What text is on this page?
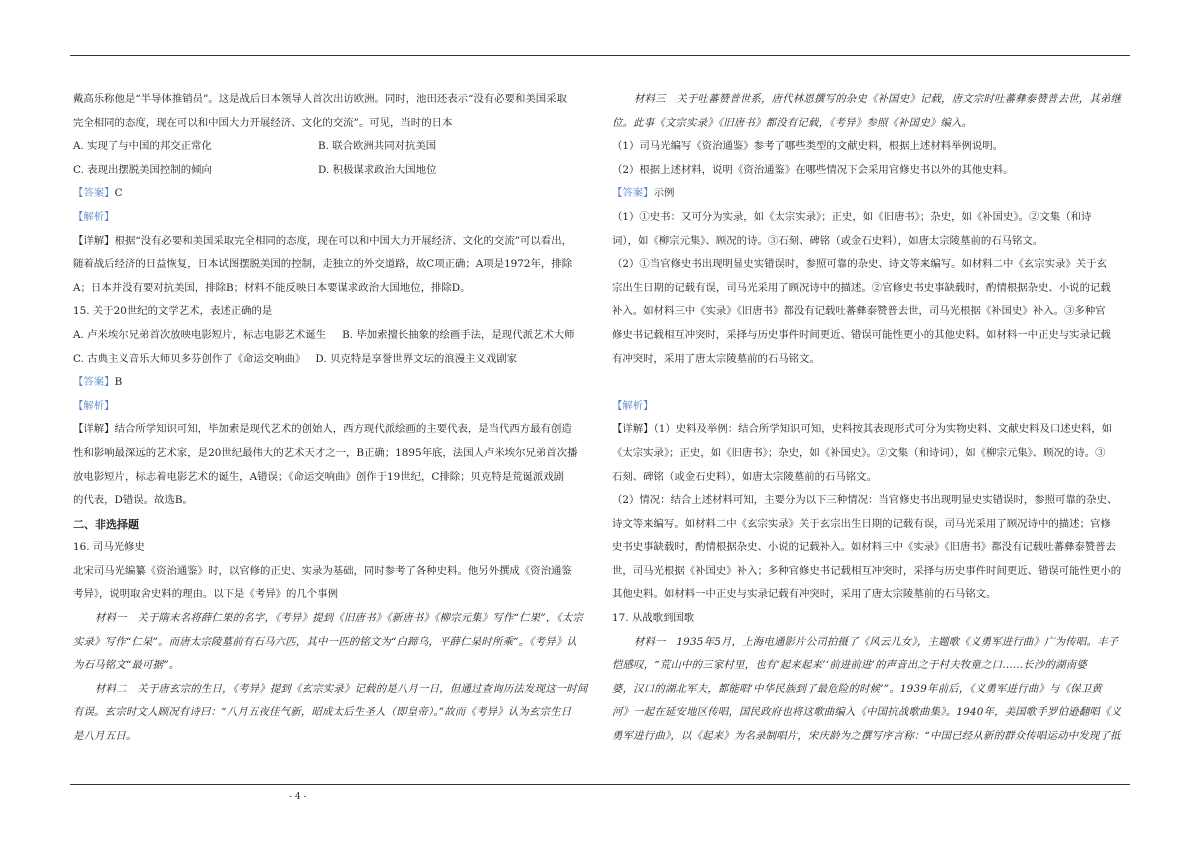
戴高乐称他是“半导体推销员”。这是战后日本领导人首次出访欧洲。同时，池田还表示“没有必要和美国采取

完全相同的态度，现在可以和中国大力开展经济、文化的交流”。可见，当时的日本

A. 实现了与中国的邦交正常化	B. 联合欧洲共同对抗美国

C. 表现出摆脱美国控制的倾向	D. 积极谋求政治大国地位

【答案】C

【解析】

【详解】根据“没有必要和美国采取完全相同的态度，现在可以和中国大力开展经济、文化的交流”可以看出，

随着战后经济的日益恢复，日本试图摆脱美国的控制，走独立的外交道路，故C项正确；A项是1972年，排除

A；日本并没有要对抗美国，排除B；材料不能反映日本要谋求政治大国地位，排除D。

15. 关于20世纪的文学艺术，表述正确的是

A. 卢米埃尔兄弟首次放映电影短片，标志电影艺术诞生 B. 毕加索擅长抽象的绘画手法，是现代派艺术大师

C. 古典主义音乐大师贝多芬创作了《命运交响曲》 D. 贝克特是享誉世界文坛的浪漫主义戏剧家

【答案】B

【解析】

【详解】结合所学知识可知，毕加索是现代艺术的创始人，西方现代派绘画的主要代表，是当代西方最有创造

性和影响最深远的艺术家，是20世纪最伟大的艺术天才之一，B正确；1895年底，法国人卢米埃尔兄弟首次播

放电影短片，标志着电影艺术的诞生，A错误；《命运交响曲》创作于19世纪，C排除；贝克特是荒诞派戏剧

的代表，D错误。故选B。

二、非选择题

16. 司马光修史

北宋司马光编纂《资治通鉴》时，以官修的正史、实录为基础，同时参考了各种史料。他另外撰成《资治通鉴

考异》，说明取舍史料的理由。以下是《考异》的几个事例

材料一　关于隋末名将薛仁果的名字，《考异》提到《旧唐书》《新唐书》《柳宗元集》写作“仁果”，《太宗

实录》写作“仁杲”。而唐太宗陵墓前有石马六匹，其中一匹的铭文为“白蹄乌，平薛仁杲时所乘”。《考异》认

为石马铭文“最可据”。

材料二　关于唐玄宗的生日，《考异》提到《玄宗实录》记载的是八月一日，但通过查询历法发现这一时间

有误。玄宗时文人顾况有诗曰：“八月五夜佳气新，昭成太后生圣人（即皇帝）。”故而《考异》认为玄宗生日

是八月五日。

材料三　关于吐蕃赞普世系，唐代林恩撰写的杂史《补国史》记载，唐文宗时吐蕃彝泰赞普去世，其弟继

位。此事《文宗实录》《旧唐书》都没有记载，《考异》参照《补国史》编入。

（1）司马光编写《资治通鉴》参考了哪些类型的文献史料，根据上述材料举例说明。

（2）根据上述材料，说明《资治通鉴》在哪些情况下会采用官修史书以外的其他史料。

【答案】示例

（1）①史书：又可分为实录，如《太宗实录》；正史，如《旧唐书》；杂史，如《补国史》。②文集（和诗

词），如《柳宗元集》、顾况的诗。③石刻、碑铭（或金石史料），如唐太宗陵墓前的石马铭文。

（2）①当官修史书出现明显史实错误时，参照可靠的杂史、诗文等来编写。如材料二中《玄宗实录》关于玄

宗出生日期的记载有误，司马光采用了顾况诗中的描述。②官修史书史事缺载时，酌情根据杂史、小说的记载

补入。如材料三中《实录》《旧唐书》都没有记载吐蕃彝泰赞普去世，司马光根据《补国史》补入。③多种官

修史书记载相互冲突时，采择与历史事件时间更近、错误可能性更小的其他史料。如材料一中正史与实录记载

有冲突时，采用了唐太宗陵墓前的石马铭文。

【解析】

【详解】（1）史料及举例：结合所学知识可知，史料按其表现形式可分为实物史料、文献史料及口述史料，如

《太宗实录》；正史，如《旧唐书》；杂史，如《补国史》。②文集（和诗词），如《柳宗元集》、顾况的诗。③

石刻、碑铭（或金石史料），如唐太宗陵墓前的石马铭文。

（2）情况：结合上述材料可知，主要分为以下三种情况：当官修史书出现明显史实错误时，参照可靠的杂史、

诗文等来编写。如材料二中《玄宗实录》关于玄宗出生日期的记载有误，司马光采用了顾况诗中的描述；官修

史书史事缺载时，酌情根据杂史、小说的记载补入。如材料三中《实录》《旧唐书》都没有记载吐蕃彝泰赞普去

世，司马光根据《补国史》补入；多种官修史书记载相互冲突时，采择与历史事件时间更近、错误可能性更小的

其他史料。如材料一中正史与实录记载有冲突时，采用了唐太宗陵墓前的石马铭文。

17. 从战歌到国歌

材料一　1935年5月，上海电通影片公司拍摄了《风云儿女》，主题歌《义勇军进行曲》广为传唱。丰子

恺感叹，“荒山中的三家村里，也有‘起来起来’‘前进前进’的声音出之于村夫牧童之口……长沙的湖南婆

婆，汉口的湖北军夫，都能唱‘中华民族到了最危险的时候’”。1939年前后，《义勇军进行曲》与《保卫黄

河》一起在延安地区传唱，国民政府也将这歌曲编入《中国抗战歌曲集》。1940年，美国歌手罗伯逊翻唱《义

勇军进行曲》，以《起来》为名录制唱片，宋庆龄为之撰写序言称：“中国已经从新的群众传唱运动中发现了抵

- 4 -
